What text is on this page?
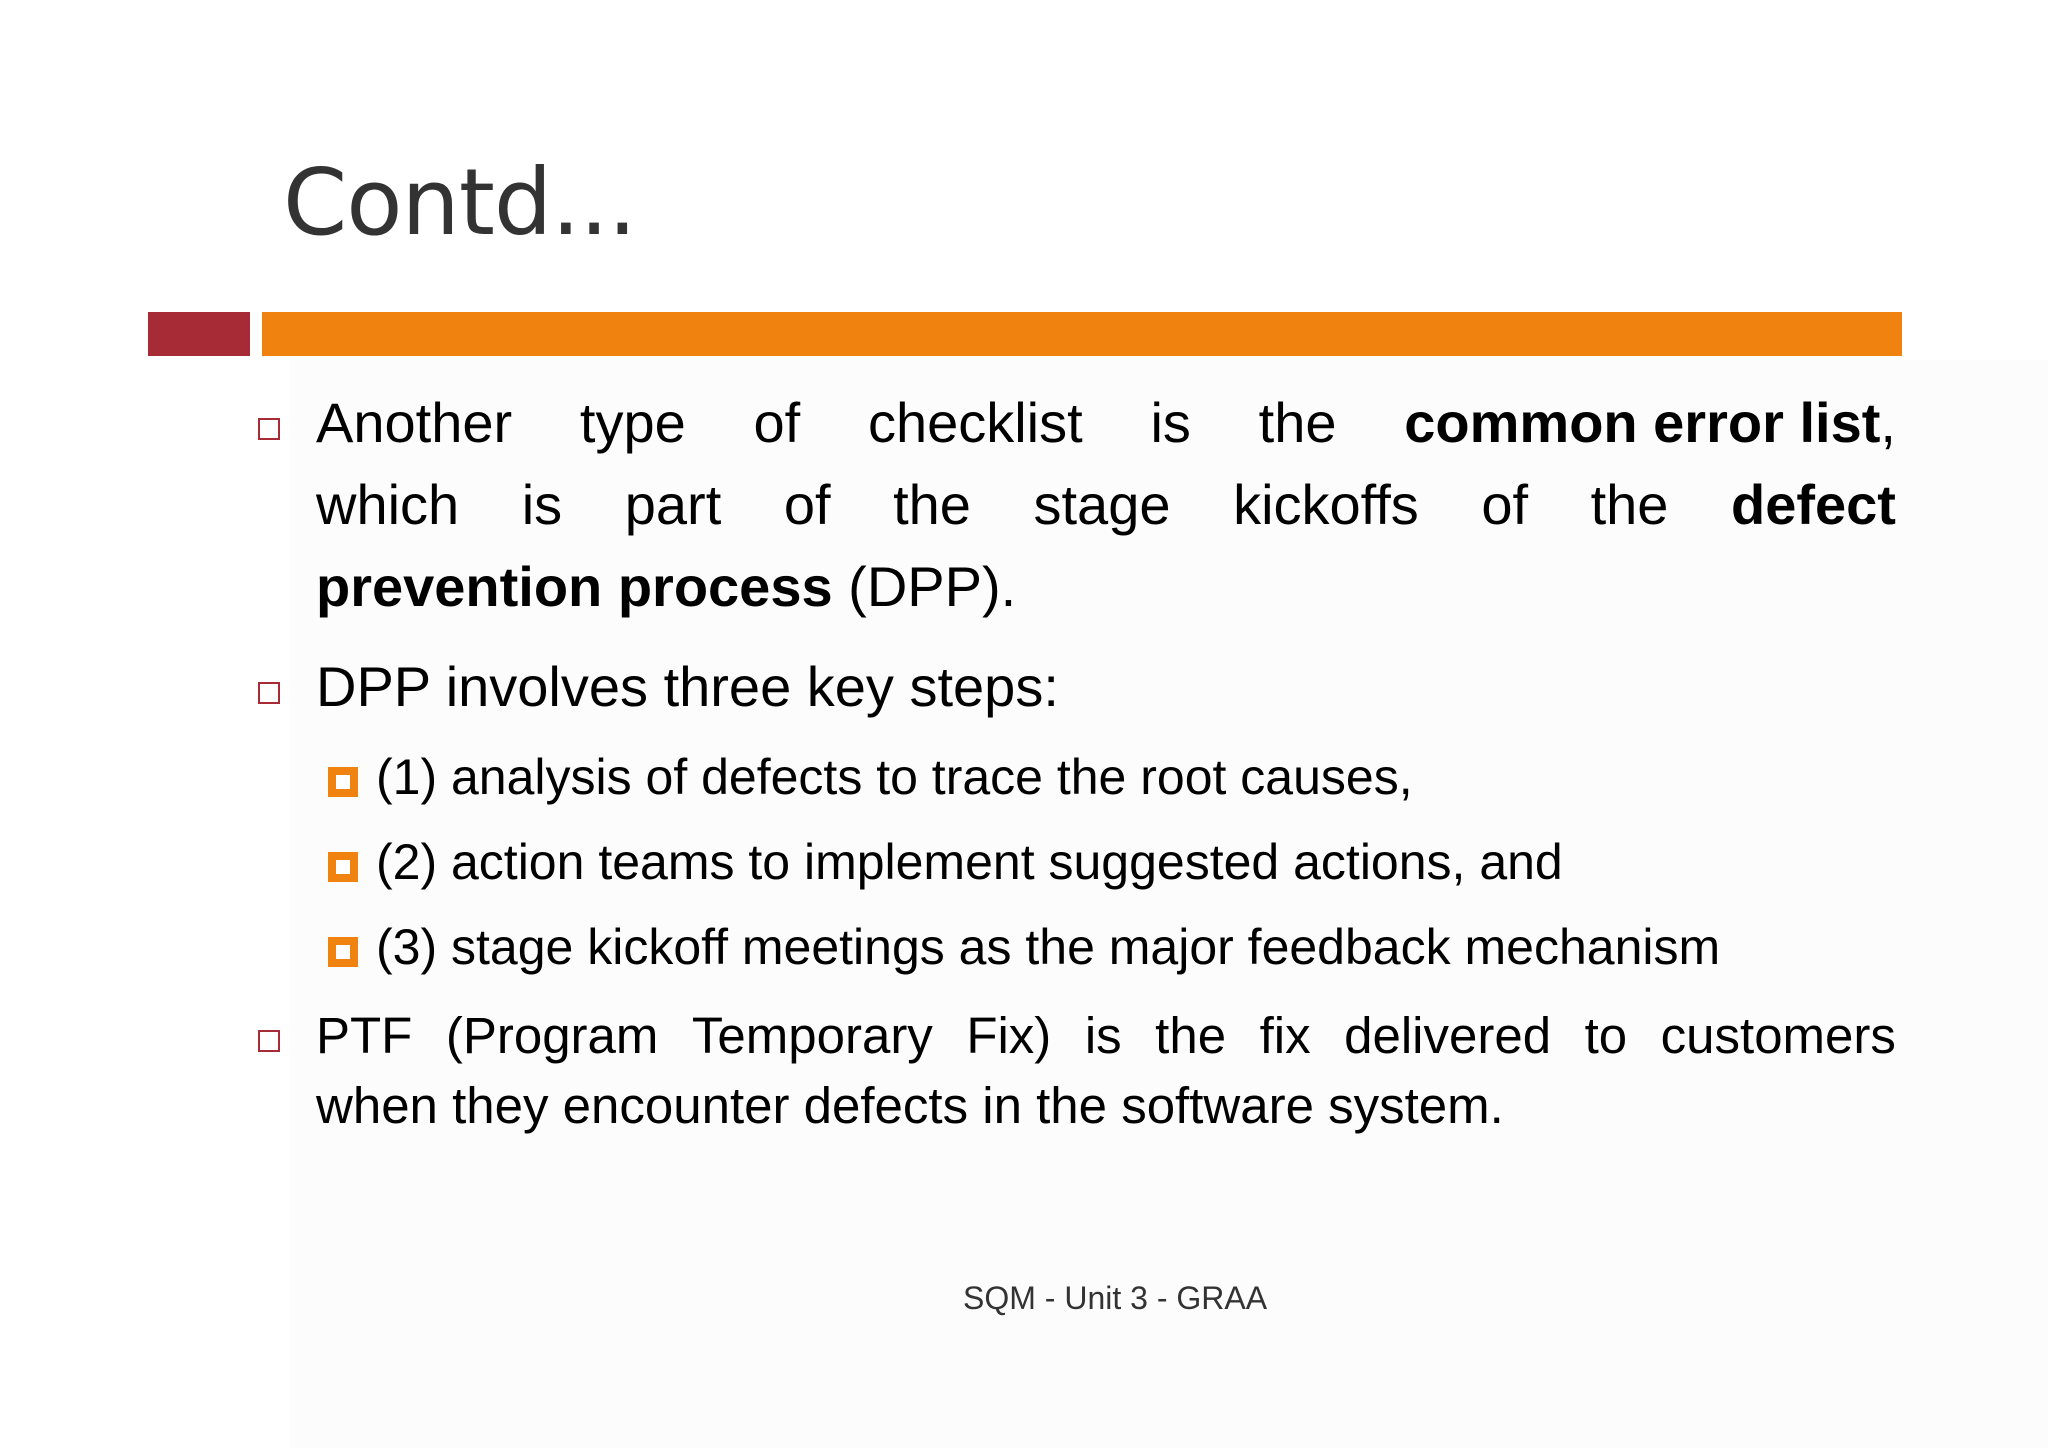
Contd...
Another type of checklist is the common error list,
which is part of the stage kickoffs of the defect
prevention process (DPP).
DPP involves three key steps:
(1) analysis of defects to trace the root causes,
(2) action teams to implement suggested actions, and
(3) stage kickoff meetings as the major feedback mechanism
PTF (Program Temporary Fix) is the fix delivered to customers
when they encounter defects in the software system.
SQM - Unit 3 - GRAA
